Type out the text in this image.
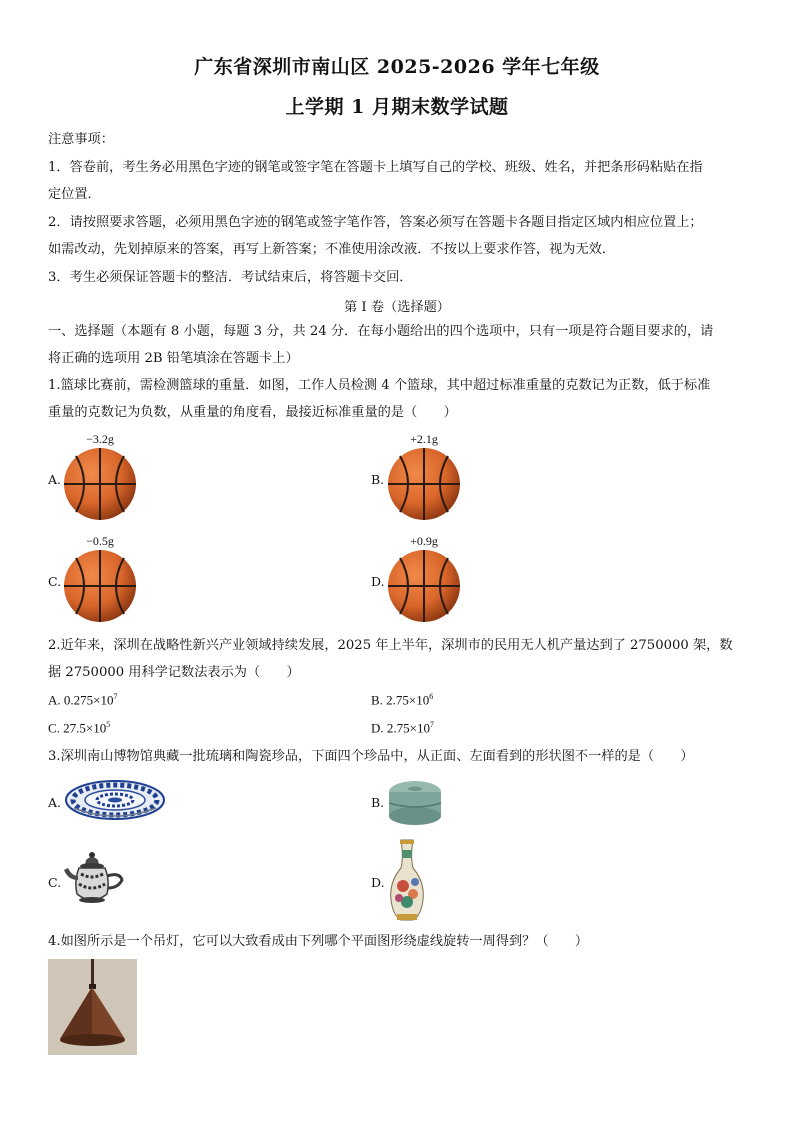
广东省深圳市南山区 2025-2026 学年七年级
上学期 1 月期末数学试题
注意事项：
1．答卷前，考生务必用黑色字迹的钢笔或签字笔在答题卡上填写自己的学校、班级、姓名，并把条形码粘贴在指
定位置．
2．请按照要求答题，必须用黑色字迹的钢笔或签字笔作答，答案必须写在答题卡各题目指定区域内相应位置上；
如需改动，先划掉原来的答案，再写上新答案；不准使用涂改液．不按以上要求作答，视为无效．
3．考生必须保证答题卡的整洁．考试结束后，将答题卡交回．
第 I 卷（选择题）
一、选择题（本题有 8 小题，每题 3 分，共 24 分．在每小题给出的四个选项中，只有一项是符合题目要求的，请
将正确的选项用 2B 铅笔填涂在答题卡上）
1.篮球比赛前，需检测篮球的重量．如图，工作人员检测 4 个篮球，其中超过标准重量的克数记为正数，低于标准
重量的克数记为负数，从重量的角度看，最接近标准重量的是（　　）
A.
−3.2g
B.
+2.1g
C.
−0.5g
D.
+0.9g
2.近年来，深圳在战略性新兴产业领域持续发展，2025 年上半年，深圳市的民用无人机产量达到了 2750000 架，数
据 2750000 用科学记数法表示为（　　）
A. $0.275\times 10^7$	B. $2.75\times 10^6$
C. $27.5\times 10^5$	D. $2.75\times 10^7$
3.深圳南山博物馆典藏一批琉璃和陶瓷珍品，下面四个珍品中，从正面、左面看到的形状图不一样的是（　　）
A.	B.
C.	D.
4.如图所示是一个吊灯，它可以大致看成由下列哪个平面图形绕虚线旋转一周得到？（　　）
